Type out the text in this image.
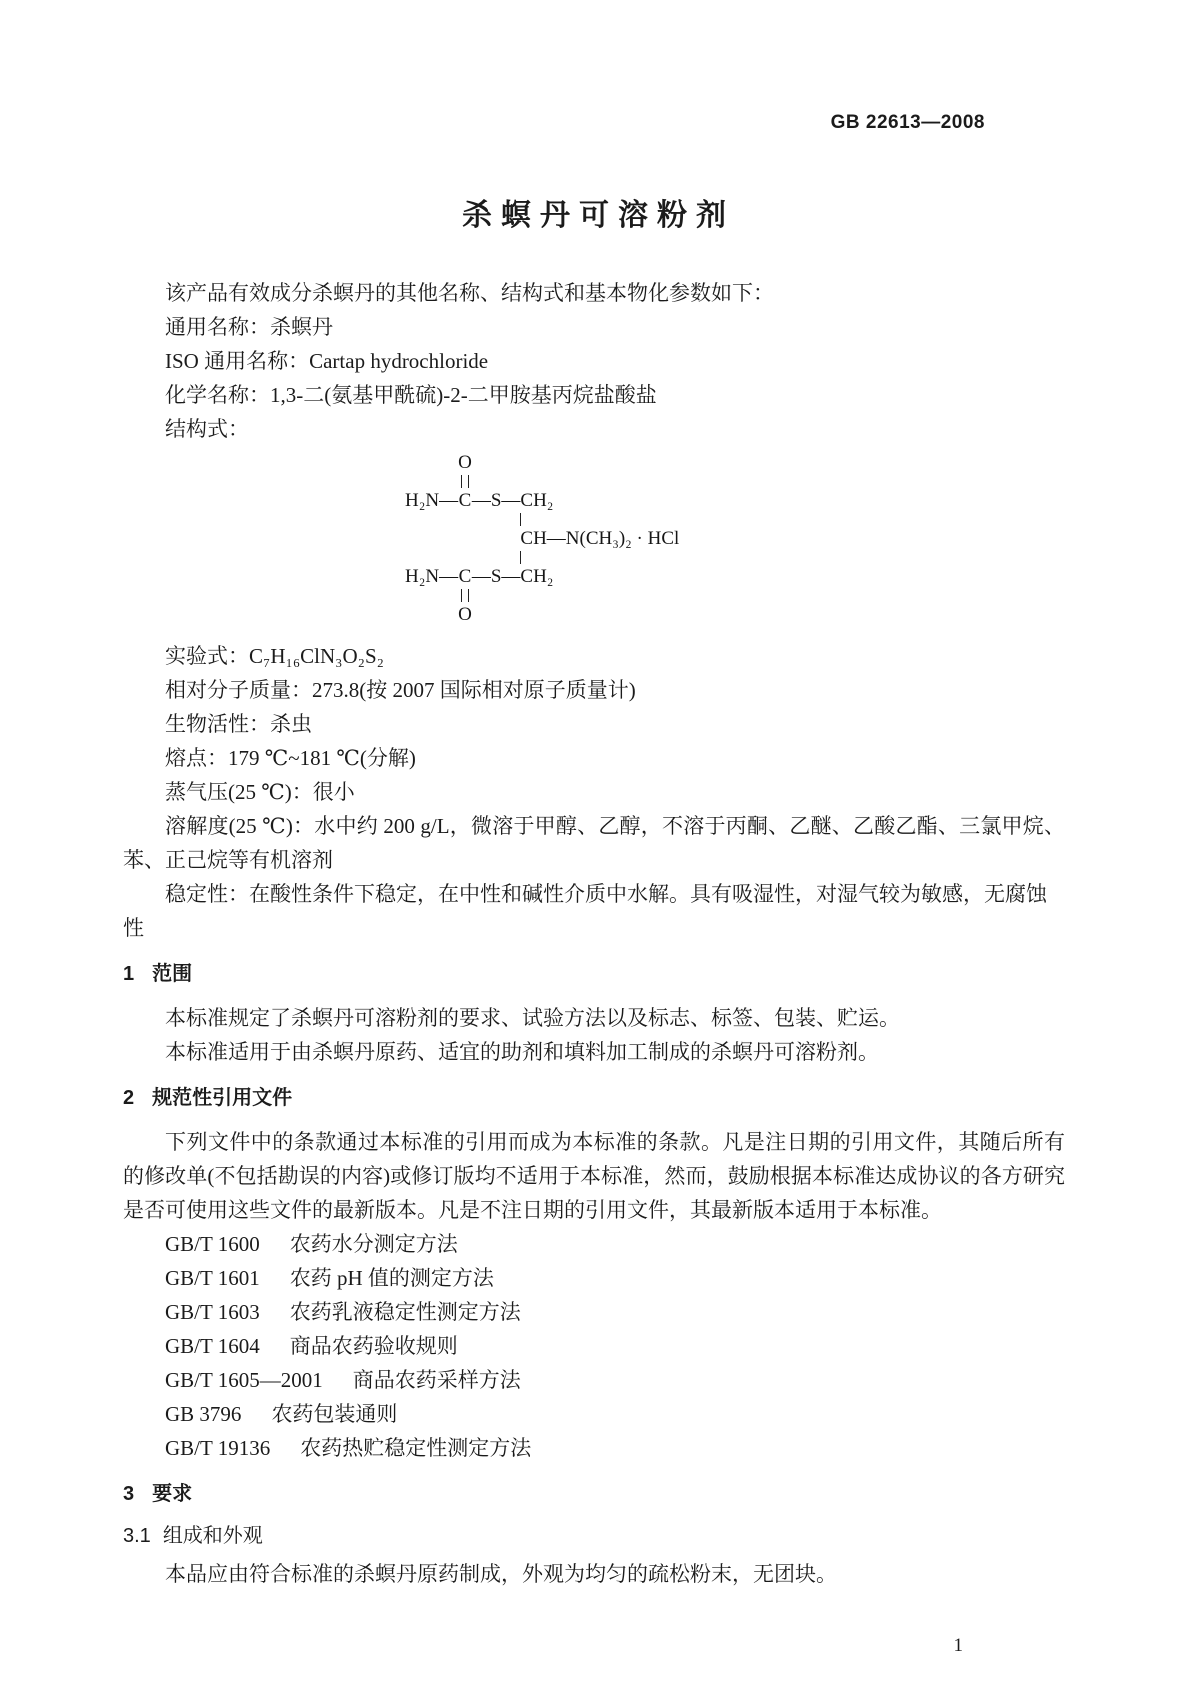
GB 22613—2008
杀螟丹可溶粉剂

该产品有效成分杀螟丹的其他名称、结构式和基本物化参数如下：

通用名称：杀螟丹

ISO 通用名称：Cartap hydrochloride

化学名称：1,3-二(氨基甲酰硫)-2-二甲胺基丙烷盐酸盐

结构式：

O
H₂N — C — S — CH₂
CH—N(CH₃)₂ · HCl
H₂N — C — S — CH₂
O

实验式：C₇H₁₆ClN₃O₂S₂

相对分子质量：273.8(按 2007 国际相对原子质量计)

生物活性：杀虫

熔点：179 ℃~181 ℃(分解)

蒸气压(25 ℃)：很小

溶解度(25 ℃)：水中约 200 g/L，微溶于甲醇、乙醇，不溶于丙酮、乙醚、乙酸乙酯、三氯甲烷、苯、正己烷等有机溶剂

稳定性：在酸性条件下稳定，在中性和碱性介质中水解。具有吸湿性，对湿气较为敏感，无腐蚀性

1 范围

本标准规定了杀螟丹可溶粉剂的要求、试验方法以及标志、标签、包装、贮运。

本标准适用于由杀螟丹原药、适宜的助剂和填料加工制成的杀螟丹可溶粉剂。

2 规范性引用文件

下列文件中的条款通过本标准的引用而成为本标准的条款。凡是注日期的引用文件，其随后所有的修改单(不包括勘误的内容)或修订版均不适用于本标准，然而，鼓励根据本标准达成协议的各方研究是否可使用这些文件的最新版本。凡是不注日期的引用文件，其最新版本适用于本标准。

GB/T 1600 农药水分测定方法

GB/T 1601 农药 pH 值的测定方法

GB/T 1603 农药乳液稳定性测定方法

GB/T 1604 商品农药验收规则

GB/T 1605—2001 商品农药采样方法

GB 3796 农药包装通则

GB/T 19136 农药热贮稳定性测定方法

3 要求
3.1 组成和外观

本品应由符合标准的杀螟丹原药制成，外观为均匀的疏松粉末，无团块。

1
